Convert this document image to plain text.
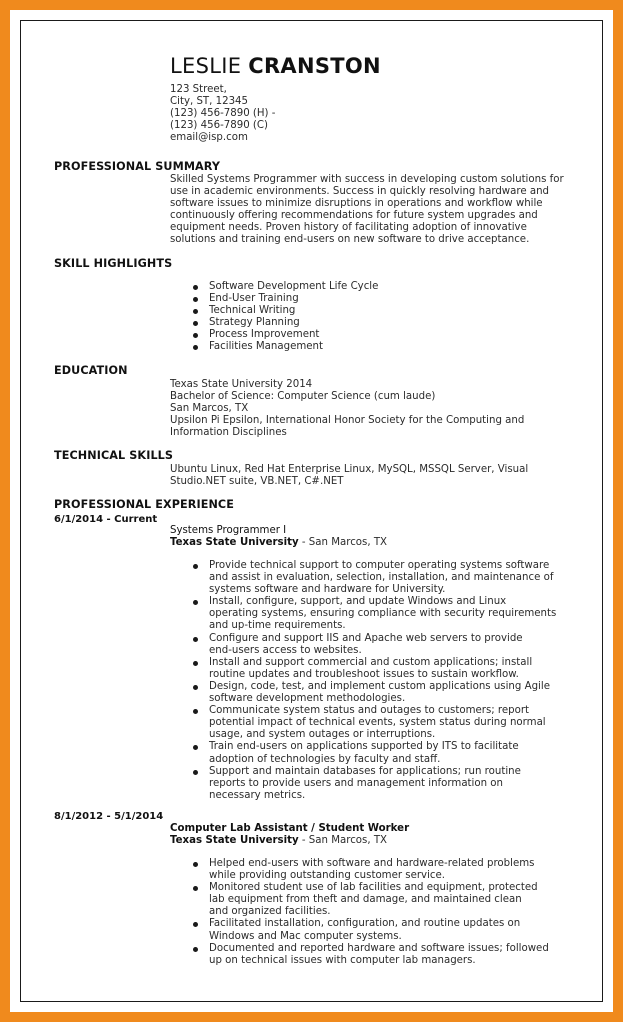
LESLIE CRANSTON
123 Street,
City, ST, 12345
(123) 456-7890 (H) -
(123) 456-7890 (C)
email@isp.com
PROFESSIONAL SUMMARY
Skilled Systems Programmer with success in developing custom solutions for
use in academic environments. Success in quickly resolving hardware and
software issues to minimize disruptions in operations and workflow while
continuously offering recommendations for future system upgrades and
equipment needs. Proven history of facilitating adoption of innovative
solutions and training end-users on new software to drive acceptance.
SKILL HIGHLIGHTS
Software Development Life Cycle
End-User Training
Technical Writing
Strategy Planning
Process Improvement
Facilities Management
EDUCATION
Texas State University 2014
Bachelor of Science: Computer Science (cum laude)
San Marcos, TX
Upsilon Pi Epsilon, International Honor Society for the Computing and
Information Disciplines
TECHNICAL SKILLS
Ubuntu Linux, Red Hat Enterprise Linux, MySQL, MSSQL Server, Visual
Studio.NET suite, VB.NET, C#.NET
PROFESSIONAL EXPERIENCE
6/1/2014 - Current
Systems Programmer I
Texas State University - San Marcos, TX
Provide technical support to computer operating systems software
and assist in evaluation, selection, installation, and maintenance of
systems software and hardware for University.
Install, configure, support, and update Windows and Linux
operating systems, ensuring compliance with security requirements
and up-time requirements.
Configure and support IIS and Apache web servers to provide
end-users access to websites.
Install and support commercial and custom applications; install
routine updates and troubleshoot issues to sustain workflow.
Design, code, test, and implement custom applications using Agile
software development methodologies.
Communicate system status and outages to customers; report
potential impact of technical events, system status during normal
usage, and system outages or interruptions.
Train end-users on applications supported by ITS to facilitate
adoption of technologies by faculty and staff.
Support and maintain databases for applications; run routine
reports to provide users and management information on
necessary metrics.
8/1/2012 - 5/1/2014
Computer Lab Assistant / Student Worker
Texas State University - San Marcos, TX
Helped end-users with software and hardware-related problems
while providing outstanding customer service.
Monitored student use of lab facilities and equipment, protected
lab equipment from theft and damage, and maintained clean
and organized facilities.
Facilitated installation, configuration, and routine updates on
Windows and Mac computer systems.
Documented and reported hardware and software issues; followed
up on technical issues with computer lab managers.
